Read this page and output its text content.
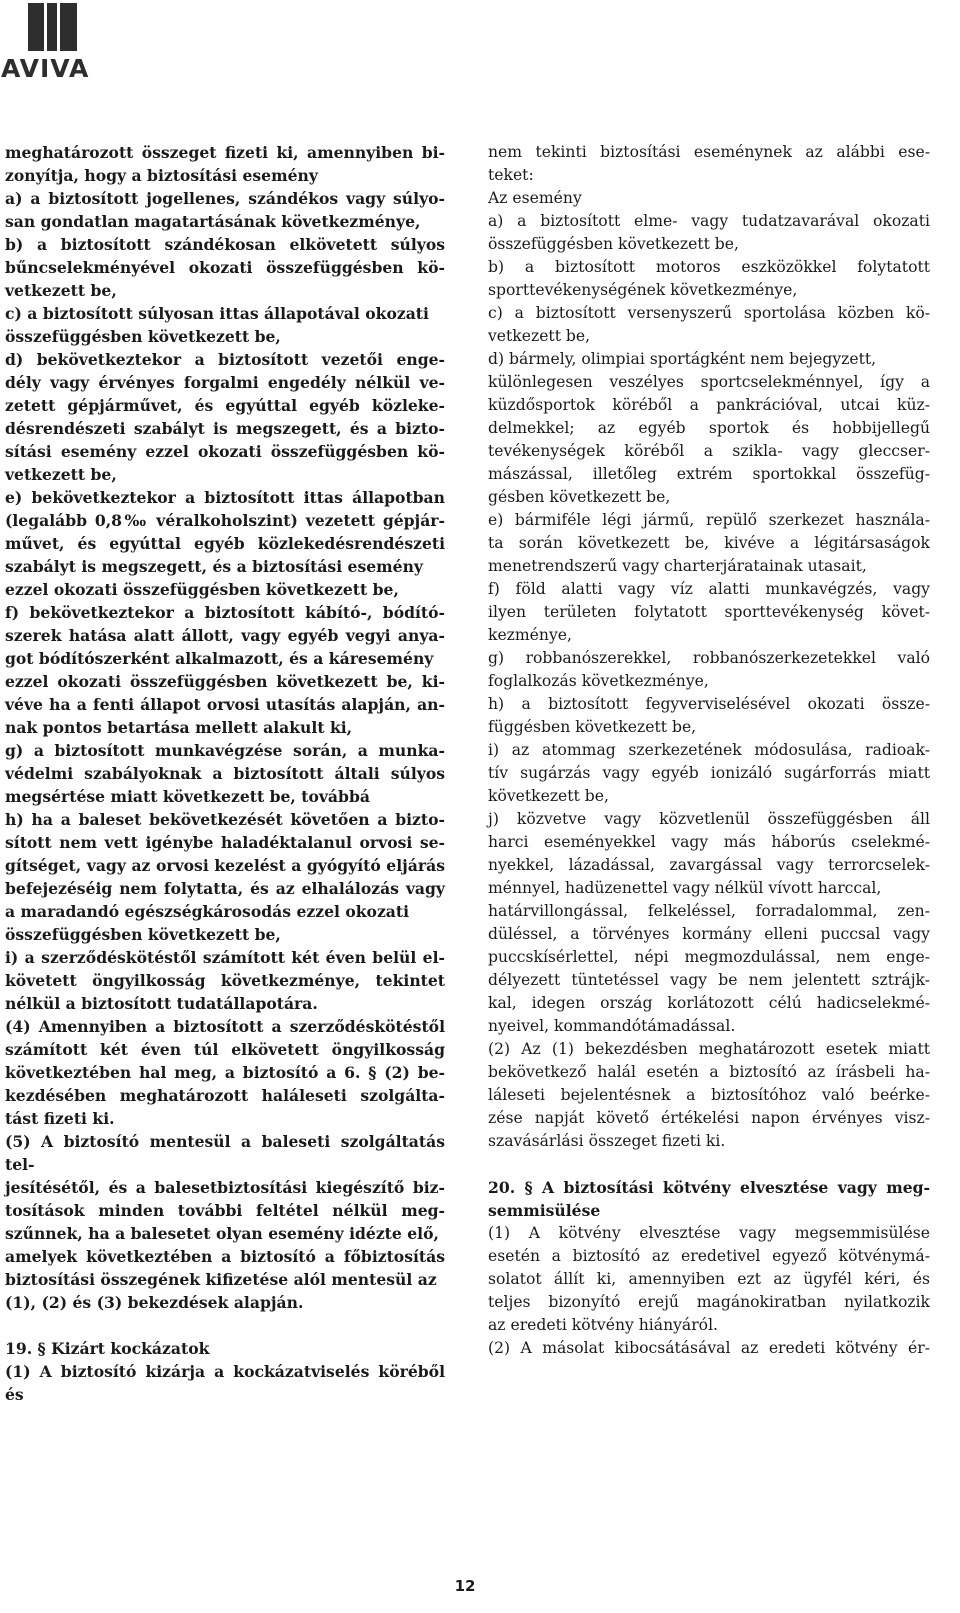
AVIVA

meghatározott összeget fizeti ki, amennyiben bi-

zonyítja, hogy a biztosítási esemény

a) a biztosított jogellenes, szándékos vagy súlyo-

san gondatlan magatartásának következménye,

b) a biztosított szándékosan elkövetett súlyos

bűncselekményével okozati összefüggésben kö-

vetkezett be,

c) a biztosított súlyosan ittas állapotával okozati

összefüggésben következett be,

d) bekövetkeztekor a biztosított vezetői enge-

dély vagy érvényes forgalmi engedély nélkül ve-

zetett gépjárművet, és egyúttal egyéb közleke-

désrendészeti szabályt is megszegett, és a bizto-

sítási esemény ezzel okozati összefüggésben kö-

vetkezett be,

e) bekövetkeztekor a biztosított ittas állapotban

(legalább 0,8‰ véralkoholszint) vezetett gépjár-

művet, és egyúttal egyéb közlekedésrendészeti

szabályt is megszegett, és a biztosítási esemény

ezzel okozati összefüggésben következett be,

f) bekövetkeztekor a biztosított kábító-, bódító-

szerek hatása alatt állott, vagy egyéb vegyi anya-

got bódítószerként alkalmazott, és a káresemény

ezzel okozati összefüggésben következett be, ki-

véve ha a fenti állapot orvosi utasítás alapján, an-

nak pontos betartása mellett alakult ki,

g) a biztosított munkavégzése során, a munka-

védelmi szabályoknak a biztosított általi súlyos

megsértése miatt következett be, továbbá

h) ha a baleset bekövetkezését követően a bizto-

sított nem vett igénybe haladéktalanul orvosi se-

gítséget, vagy az orvosi kezelést a gyógyító eljárás

befejezéséig nem folytatta, és az elhalálozás vagy

a maradandó egészségkárosodás ezzel okozati

összefüggésben következett be,

i) a szerződéskötéstől számított két éven belül el-

követett öngyilkosság következménye, tekintet

nélkül a biztosított tudatállapotára.

(4) Amennyiben a biztosított a szerződéskötéstől

számított két éven túl elkövetett öngyilkosság

következtében hal meg, a biztosító a 6. § (2) be-

kezdésében meghatározott haláleseti szolgálta-

tást fizeti ki.

(5) A biztosító mentesül a baleseti szolgáltatás tel-

jesítésétől, és a balesetbiztosítási kiegészítő biz-

tosítások minden további feltétel nélkül meg-

szűnnek, ha a balesetet olyan esemény idézte elő,

amelyek következtében a biztosító a főbiztosítás

biztosítási összegének kifizetése alól mentesül az

(1), (2) és (3) bekezdések alapján.

19. § Kizárt kockázatok

(1) A biztosító kizárja a kockázatviselés köréből és

nem tekinti biztosítási eseménynek az alábbi ese-

teket:

Az esemény

a) a biztosított elme- vagy tudatzavarával okozati

összefüggésben következett be,

b) a biztosított motoros eszközökkel folytatott

sporttevékenységének következménye,

c) a biztosított versenyszerű sportolása közben kö-

vetkezett be,

d) bármely, olimpiai sportágként nem bejegyzett,

különlegesen veszélyes sportcselekménnyel, így a

küzdősportok köréből a pankrációval, utcai küz-

delmekkel; az egyéb sportok és hobbijellegű

tevékenységek köréből a szikla- vagy gleccser-

mászással, illetőleg extrém sportokkal összefüg-

gésben következett be,

e) bármiféle légi jármű, repülő szerkezet használa-

ta során következett be, kivéve a légitársaságok

menetrendszerű vagy charterjáratainak utasait,

f) föld alatti vagy víz alatti munkavégzés, vagy

ilyen területen folytatott sporttevékenység követ-

kezménye,

g) robbanószerekkel, robbanószerkezetekkel való

foglalkozás következménye,

h) a biztosított fegyverviselésével okozati össze-

függésben következett be,

i) az atommag szerkezetének módosulása, radioak-

tív sugárzás vagy egyéb ionizáló sugárforrás miatt

következett be,

j) közvetve vagy közvetlenül összefüggésben áll

harci eseményekkel vagy más háborús cselekmé-

nyekkel, lázadással, zavargással vagy terrorcselek-

ménnyel, hadüzenettel vagy nélkül vívott harccal,

határvillongással, felkeléssel, forradalommal, zen-

düléssel, a törvényes kormány elleni puccsal vagy

puccskísérlettel, népi megmozdulással, nem enge-

délyezett tüntetéssel vagy be nem jelentett sztrájk-

kal, idegen ország korlátozott célú hadicselekmé-

nyeivel, kommandótámadással.

(2) Az (1) bekezdésben meghatározott esetek miatt

bekövetkező halál esetén a biztosító az írásbeli ha-

láleseti bejelentésnek a biztosítóhoz való beérke-

zése napját követő értékelési napon érvényes visz-

szavásárlási összeget fizeti ki.

20. § A biztosítási kötvény elvesztése vagy meg-

semmisülése

(1) A kötvény elvesztése vagy megsemmisülése

esetén a biztosító az eredetivel egyező kötvénymá-

solatot állít ki, amennyiben ezt az ügyfél kéri, és

teljes bizonyító erejű magánokiratban nyilatkozik

az eredeti kötvény hiányáról.

(2) A másolat kibocsátásával az eredeti kötvény ér-

12
